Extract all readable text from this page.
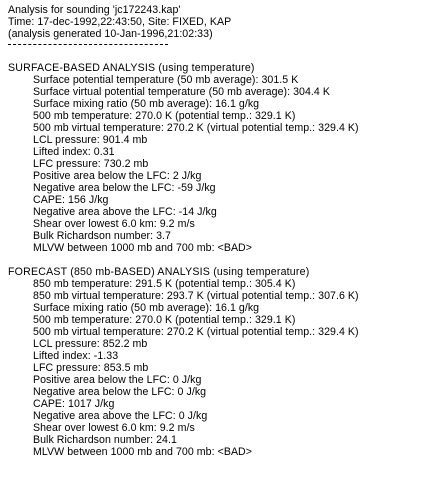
Analysis for sounding 'jc172243.kap'
Time: 17-dec-1992,22:43:50, Site: FIXED, KAP
(analysis generated 10-Jan-1996,21:02:33)
SURFACE-BASED ANALYSIS (using temperature)
Surface potential temperature (50 mb average): 301.5 K
Surface virtual potential temperature (50 mb average): 304.4 K
Surface mixing ratio (50 mb average): 16.1 g/kg
500 mb temperature: 270.0 K (potential temp.: 329.1 K)
500 mb virtual temperature: 270.2 K (virtual potential temp.: 329.4 K)
LCL pressure: 901.4 mb
Lifted index: 0.31
LFC pressure: 730.2 mb
Positive area below the LFC: 2 J/kg
Negative area below the LFC: -59 J/kg
CAPE: 156 J/kg
Negative area above the LFC: -14 J/kg
Shear over lowest 6.0 km: 9.2 m/s
Bulk Richardson number: 3.7
MLVW between 1000 mb and 700 mb: <BAD>
FORECAST (850 mb-BASED) ANALYSIS (using temperature)
850 mb temperature: 291.5 K (potential temp.: 305.4 K)
850 mb virtual temperature: 293.7 K (virtual potential temp.: 307.6 K)
Surface mixing ratio (50 mb average): 16.1 g/kg
500 mb temperature: 270.0 K (potential temp.: 329.1 K)
500 mb virtual temperature: 270.2 K (virtual potential temp.: 329.4 K)
LCL pressure: 852.2 mb
Lifted index: -1.33
LFC pressure: 853.5 mb
Positive area below the LFC: 0 J/kg
Negative area below the LFC: 0 J/kg
CAPE: 1017 J/kg
Negative area above the LFC: 0 J/kg
Shear over lowest 6.0 km: 9.2 m/s
Bulk Richardson number: 24.1
MLVW between 1000 mb and 700 mb: <BAD>
